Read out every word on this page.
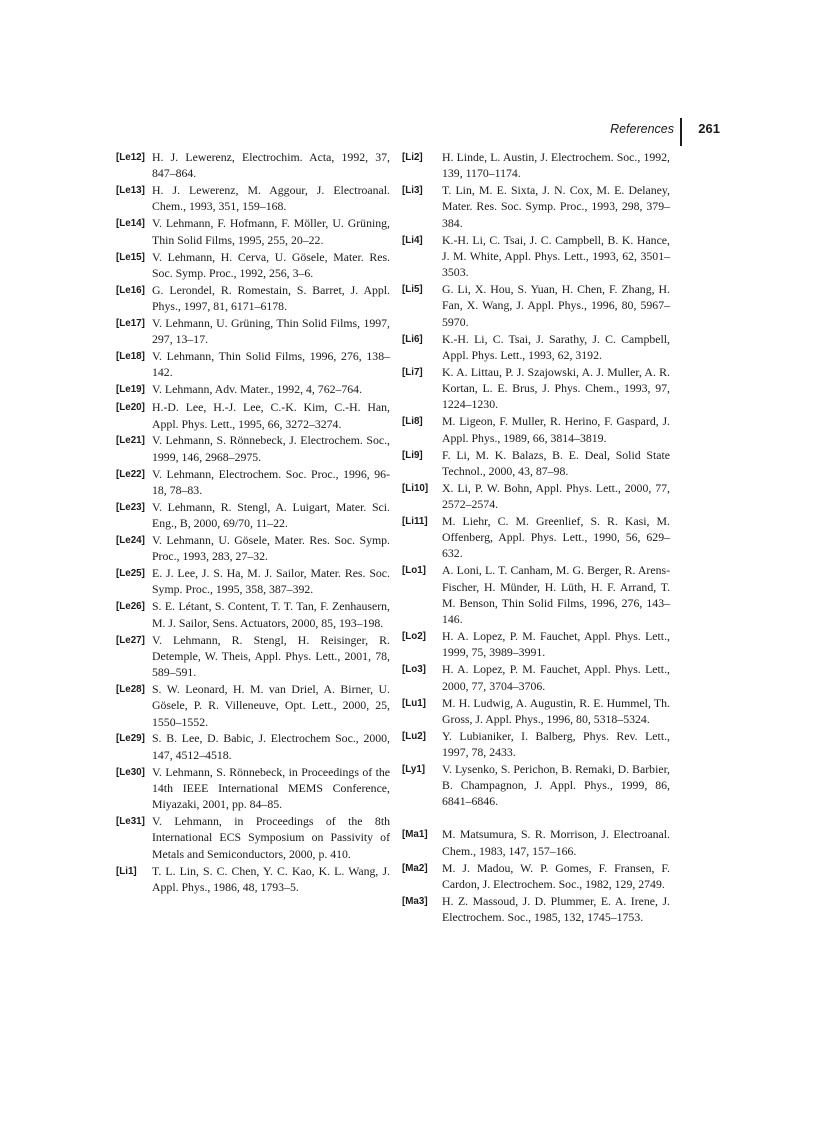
References 261
[Le12] H. J. Lewerenz, Electrochim. Acta, 1992, 37, 847–864.
[Le13] H. J. Lewerenz, M. Aggour, J. Electroanal. Chem., 1993, 351, 159–168.
[Le14] V. Lehmann, F. Hofmann, F. Möller, U. Grüning, Thin Solid Films, 1995, 255, 20–22.
[Le15] V. Lehmann, H. Cerva, U. Gösele, Mater. Res. Soc. Symp. Proc., 1992, 256, 3–6.
[Le16] G. Lerondel, R. Romestain, S. Barret, J. Appl. Phys., 1997, 81, 6171–6178.
[Le17] V. Lehmann, U. Grüning, Thin Solid Films, 1997, 297, 13–17.
[Le18] V. Lehmann, Thin Solid Films, 1996, 276, 138–142.
[Le19] V. Lehmann, Adv. Mater., 1992, 4, 762–764.
[Le20] H.-D. Lee, H.-J. Lee, C.-K. Kim, C.-H. Han, Appl. Phys. Lett., 1995, 66, 3272–3274.
[Le21] V. Lehmann, S. Rönnebeck, J. Electrochem. Soc., 1999, 146, 2968–2975.
[Le22] V. Lehmann, Electrochem. Soc. Proc., 1996, 96-18, 78–83.
[Le23] V. Lehmann, R. Stengl, A. Luigart, Mater. Sci. Eng., B, 2000, 69/70, 11–22.
[Le24] V. Lehmann, U. Gösele, Mater. Res. Soc. Symp. Proc., 1993, 283, 27–32.
[Le25] E. J. Lee, J. S. Ha, M. J. Sailor, Mater. Res. Soc. Symp. Proc., 1995, 358, 387–392.
[Le26] S. E. Létant, S. Content, T. T. Tan, F. Zenhausern, M. J. Sailor, Sens. Actuators, 2000, 85, 193–198.
[Le27] V. Lehmann, R. Stengl, H. Reisinger, R. Detemple, W. Theis, Appl. Phys. Lett., 2001, 78, 589–591.
[Le28] S. W. Leonard, H. M. van Driel, A. Birner, U. Gösele, P. R. Villeneuve, Opt. Lett., 2000, 25, 1550–1552.
[Le29] S. B. Lee, D. Babic, J. Electrochem Soc., 2000, 147, 4512–4518.
[Le30] V. Lehmann, S. Rönnebeck, in Proceedings of the 14th IEEE International MEMS Conference, Miyazaki, 2001, pp. 84–85.
[Le31] V. Lehmann, in Proceedings of the 8th International ECS Symposium on Passivity of Metals and Semiconductors, 2000, p. 410.
[Li1]	T. L. Lin, S. C. Chen, Y. C. Kao, K. L. Wang, J. Appl. Phys., 1986, 48, 1793–5.
[Li2]	H. Linde, L. Austin, J. Electrochem. Soc., 1992, 139, 1170–1174.
[Li3]	T. Lin, M. E. Sixta, J. N. Cox, M. E. Delaney, Mater. Res. Soc. Symp. Proc., 1993, 298, 379–384.
[Li4]	K.-H. Li, C. Tsai, J. C. Campbell, B. K. Hance, J. M. White, Appl. Phys. Lett., 1993, 62, 3501–3503.
[Li5]	G. Li, X. Hou, S. Yuan, H. Chen, F. Zhang, H. Fan, X. Wang, J. Appl. Phys., 1996, 80, 5967–5970.
[Li6]	K.-H. Li, C. Tsai, J. Sarathy, J. C. Campbell, Appl. Phys. Lett., 1993, 62, 3192.
[Li7]	K. A. Littau, P. J. Szajowski, A. J. Muller, A. R. Kortan, L. E. Brus, J. Phys. Chem., 1993, 97, 1224–1230.
[Li8]	M. Ligeon, F. Muller, R. Herino, F. Gaspard, J. Appl. Phys., 1989, 66, 3814–3819.
[Li9]	F. Li, M. K. Balazs, B. E. Deal, Solid State Technol., 2000, 43, 87–98.
[Li10]	X. Li, P. W. Bohn, Appl. Phys. Lett., 2000, 77, 2572–2574.
[Li11]	M. Liehr, C. M. Greenlief, S. R. Kasi, M. Offenberg, Appl. Phys. Lett., 1990, 56, 629–632.
[Lo1]	A. Loni, L. T. Canham, M. G. Berger, R. Arens-Fischer, H. Münder, H. Lüth, H. F. Arrand, T. M. Benson, Thin Solid Films, 1996, 276, 143–146.
[Lo2]	H. A. Lopez, P. M. Fauchet, Appl. Phys. Lett., 1999, 75, 3989–3991.
[Lo3]	H. A. Lopez, P. M. Fauchet, Appl. Phys. Lett., 2000, 77, 3704–3706.
[Lu1]	M. H. Ludwig, A. Augustin, R. E. Hummel, Th. Gross, J. Appl. Phys., 1996, 80, 5318–5324.
[Lu2]	Y. Lubianiker, I. Balberg, Phys. Rev. Lett., 1997, 78, 2433.
[Ly1]	V. Lysenko, S. Perichon, B. Remaki, D. Barbier, B. Champagnon, J. Appl. Phys., 1999, 86, 6841–6846.
[Ma1]	M. Matsumura, S. R. Morrison, J. Electroanal. Chem., 1983, 147, 157–166.
[Ma2]	M. J. Madou, W. P. Gomes, F. Fransen, F. Cardon, J. Electrochem. Soc., 1982, 129, 2749.
[Ma3]	H. Z. Massoud, J. D. Plummer, E. A. Irene, J. Electrochem. Soc., 1985, 132, 1745–1753.
